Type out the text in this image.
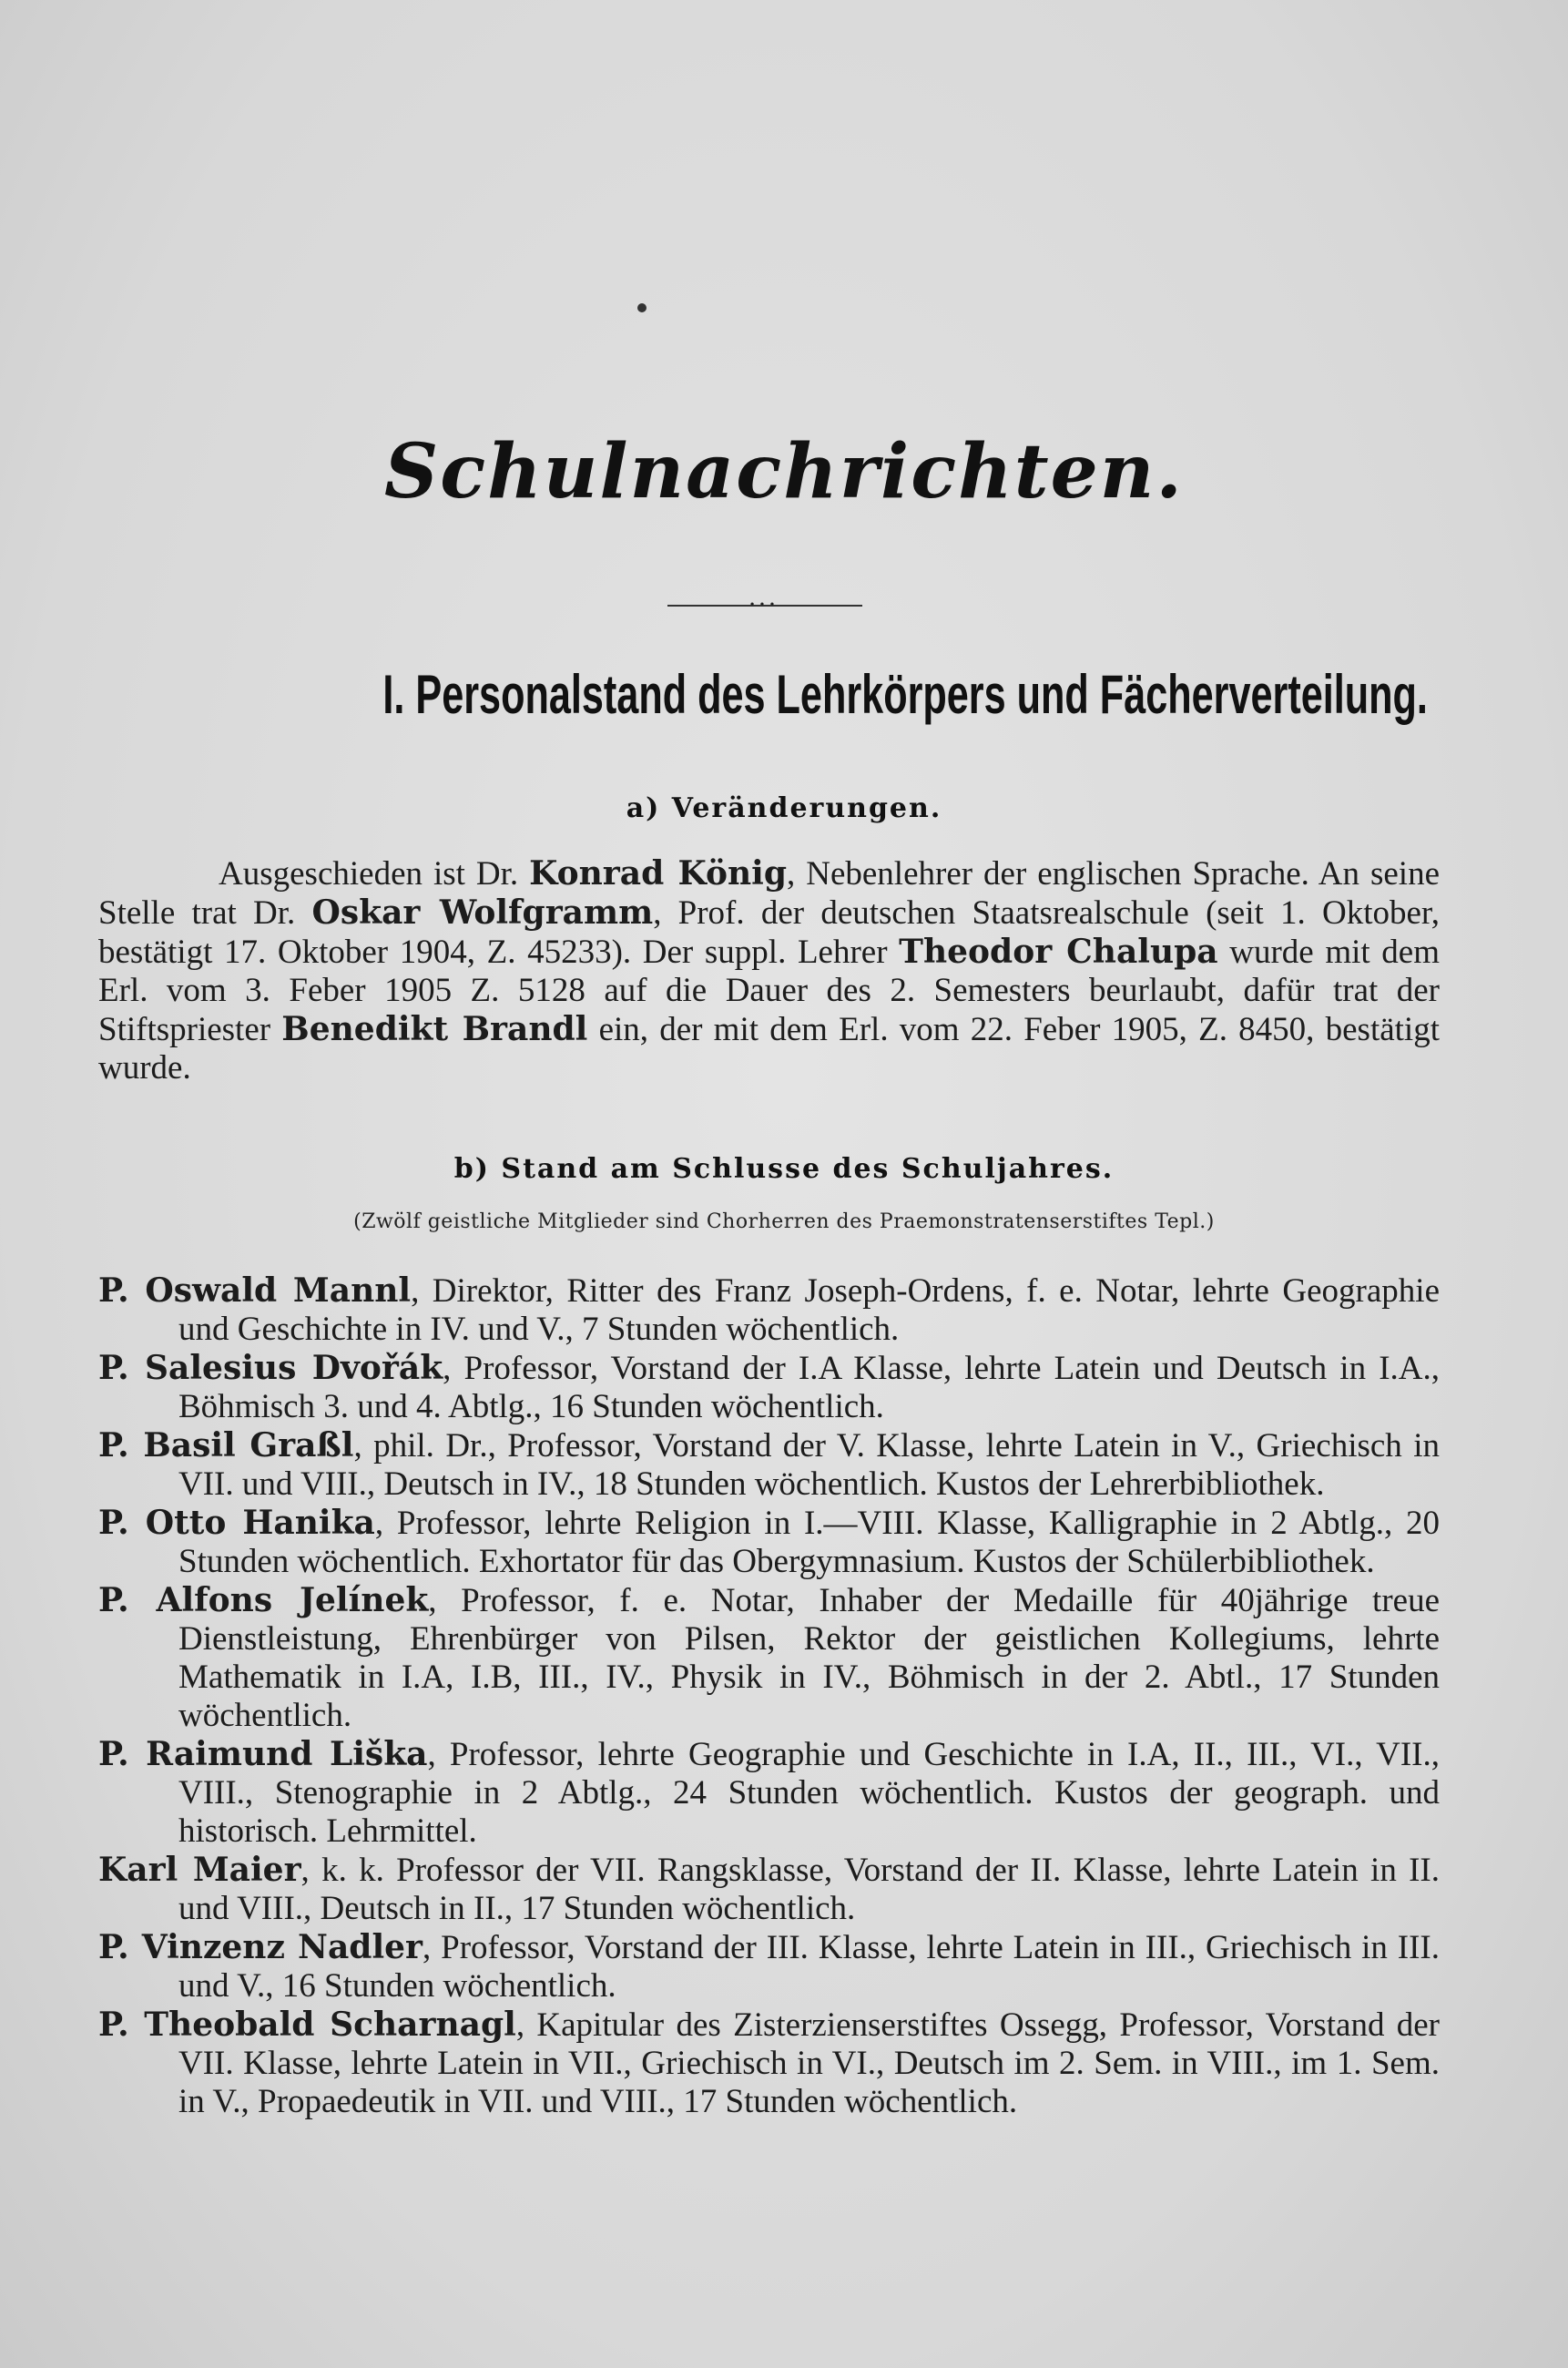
Schulnachrichten.
•••
I. Personalstand des Lehrkörpers und Fächerverteilung.
a) Veränderungen.
Ausgeschieden ist Dr. Konrad König, Nebenlehrer der englischen Sprache. An seine Stelle trat Dr. Oskar Wolfgramm, Prof. der deutschen Staatsrealschule (seit 1. Oktober, bestätigt 17. Oktober 1904, Z. 45233). Der suppl. Lehrer Theodor Chalupa wurde mit dem Erl. vom 3. Feber 1905 Z. 5128 auf die Dauer des 2. Semesters beurlaubt, dafür trat der Stiftspriester Benedikt Brandl ein, der mit dem Erl. vom 22. Feber 1905, Z. 8450, bestätigt wurde.
b) Stand am Schlusse des Schuljahres.
(Zwölf geistliche Mitglieder sind Chorherren des Praemonstratenserstiftes Tepl.)

P. Oswald Mannl, Direktor, Ritter des Franz Joseph-Ordens, f. e. Notar, lehrte Geographie und Geschichte in IV. und V., 7 Stunden wöchentlich.

P. Salesius Dvořák, Professor, Vorstand der I.A Klasse, lehrte Latein und Deutsch in I.A., Böhmisch 3. und 4. Abtlg., 16 Stunden wöchentlich.

P. Basil Graßl, phil. Dr., Professor, Vorstand der V. Klasse, lehrte Latein in V., Griechisch in VII. und VIII., Deutsch in IV., 18 Stunden wöchentlich. Kustos der Lehrerbibliothek.

P. Otto Hanika, Professor, lehrte Religion in I.—VIII. Klasse, Kalligraphie in 2 Abtlg., 20 Stunden wöchentlich. Exhortator für das Obergymnasium. Kustos der Schülerbibliothek.

P. Alfons Jelínek, Professor, f. e. Notar, Inhaber der Medaille für 40jährige treue Dienstleistung, Ehrenbürger von Pilsen, Rektor der geistlichen Kollegiums, lehrte Mathematik in I.A, I.B, III., IV., Physik in IV., Böhmisch in der 2. Abtl., 17 Stunden wöchentlich.

P. Raimund Liška, Professor, lehrte Geographie und Geschichte in I.A, II., III., VI., VII., VIII., Stenographie in 2 Abtlg., 24 Stunden wöchentlich. Kustos der geograph. und historisch. Lehrmittel.

Karl Maier, k. k. Professor der VII. Rangsklasse, Vorstand der II. Klasse, lehrte Latein in II. und VIII., Deutsch in II., 17 Stunden wöchentlich.

P. Vinzenz Nadler, Professor, Vorstand der III. Klasse, lehrte Latein in III., Griechisch in III. und V., 16 Stunden wöchentlich.

P. Theobald Scharnagl, Kapitular des Zisterzienserstiftes Ossegg, Professor, Vorstand der VII. Klasse, lehrte Latein in VII., Griechisch in VI., Deutsch im 2. Sem. in VIII., im 1. Sem. in V., Propaedeutik in VII. und VIII., 17 Stunden wöchentlich.
